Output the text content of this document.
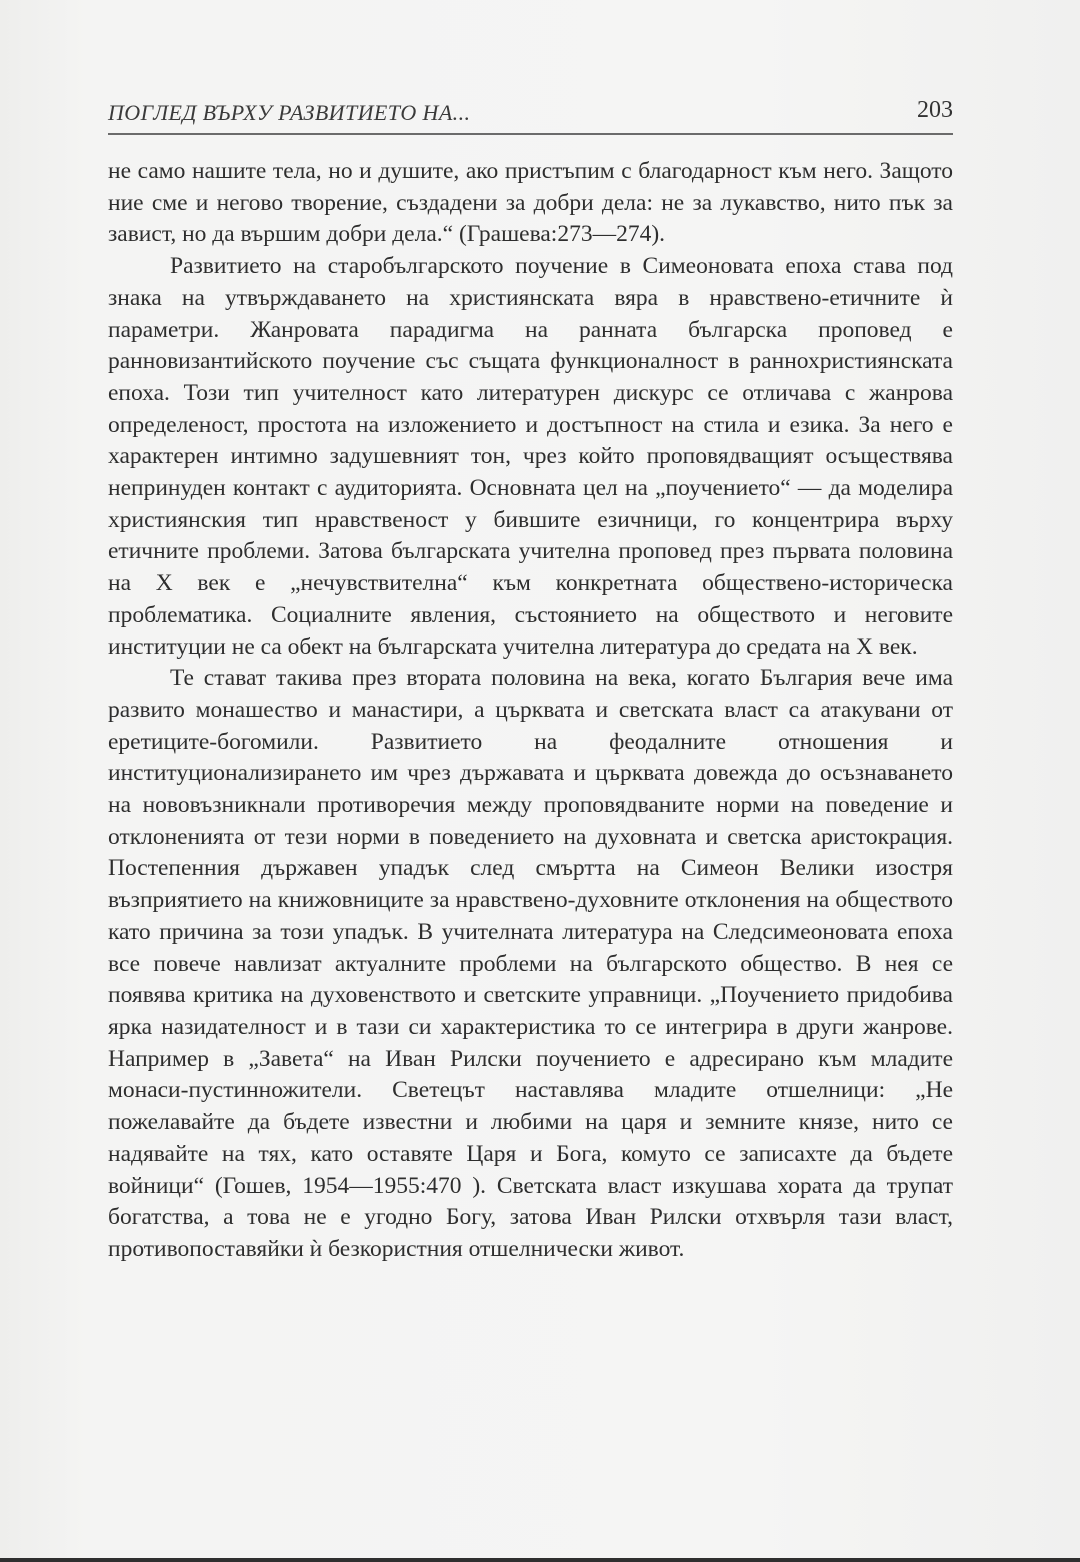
ПОГЛЕД ВЪРХУ РАЗВИТИЕТО НА...	203

не само нашите тела, но и душите, ако пристъпим с благодарност към него. Защото ние сме и негово творение, създадени за добри дела: не за лукавство, нито пък за завист, но да вършим добри дела.“ (Грашева:273—274).

Развитието на старобългарското поучение в Симеоновата епоха става под знака на утвърждаването на християнската вяра в нравствено-етичните ѝ параметри. Жанровата парадигма на ранната българска проповед е ранновизантийското поучение със същата функционалност в раннохристиянската епоха. Този тип учителност като литературен дискурс се отличава с жанрова определеност, простота на изложението и достъпност на стила и езика. За него е характерен интимно задушевният тон, чрез който проповядващият осъществява непринуден контакт с аудиторията. Основната цел на „поучението“ — да моделира християнския тип нравственост у бившите езичници, го концентрира върху етичните проблеми. Затова българската учителна проповед през първата половина на Х век е „нечувствителна“ към конкретната обществено-историческа проблематика. Социалните явления, състоянието на обществото и неговите институции не са обект на българската учителна литература до средата на Х век.

Те стават такива през втората половина на века, когато България вече има развито монашество и манастири, а църквата и светската власт са атакувани от еретиците-богомили. Развитието на феодалните отношения и институционализирането им чрез държавата и църквата довежда до осъзнаването на нововъзникнали противоречия между проповядваните норми на поведение и отклоненията от тези норми в поведението на духовната и светска аристокрация. Постепенния държавен упадък след смъртта на Симеон Велики изостря възприятието на книжовниците за нравствено-духовните отклонения на обществото като причина за този упадък. В учителната литература на Следсимеоновата епоха все повече навлизат актуалните проблеми на българското общество. В нея се появява критика на духовенството и светските управници. „Поучението придобива ярка назидателност и в тази си характеристика то се интегрира в други жанрове. Например в „Завета“ на Иван Рилски поучението е адресирано към младите монаси-пустинножители. Светецът наставлява младите отшелници: „Не пожелавайте да бъдете известни и любими на царя и земните князе, нито се надявайте на тях, като оставяте Царя и Бога, комуто се записахте да бъдете войници“ (Гошев, 1954—1955:470 ). Светската власт изкушава хората да трупат богатства, а това не е угодно Богу, затова Иван Рилски отхвърля тази власт, противопоставяйки ѝ безкористния отшелнически живот.
